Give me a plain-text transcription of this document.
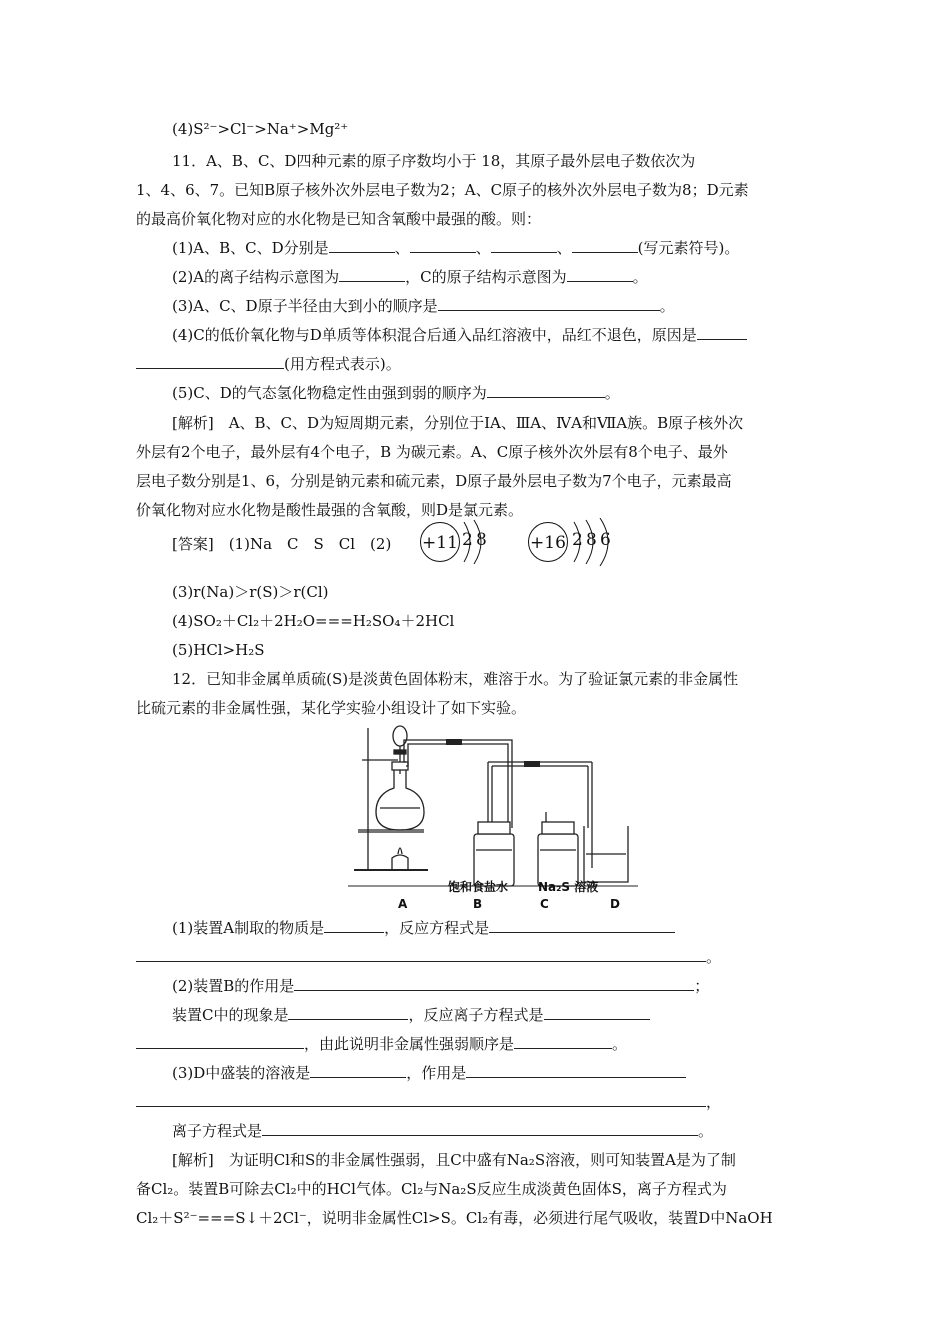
(4)S²⁻>Cl⁻>Na⁺>Mg²⁺
11．A、B、C、D四种元素的原子序数均小于 18，其原子最外层电子数依次为
1、4、6、7。已知B原子核外次外层电子数为2；A、C原子的核外次外层电子数为8；D元素
的最高价氧化物对应的水化物是已知含氧酸中最强的酸。则：
(1)A、B、C、D分别是	、	、	、	(写元素符号)。
(2)A的离子结构示意图为	，C的原子结构示意图为	。
(3)A、C、D原子半径由大到小的顺序是	。
(4)C的低价氧化物与D单质等体积混合后通入品红溶液中，品红不退色，原因是
(用方程式表示)。
(5)C、D的气态氢化物稳定性由强到弱的顺序为	。
[解析]　A、B、C、D为短周期元素，分别位于ⅠA、ⅢA、ⅣA和ⅦA族。B原子核外次
外层有2个电子，最外层有4个电子，B 为碳元素。A、C原子核外次外层有8个电子、最外
层电子数分别是1、6，分别是钠元素和硫元素，D原子最外层电子数为7个电子，元素最高
价氧化物对应水化物是酸性最强的含氧酸，则D是氯元素。
[答案]　(1)Na　C　S　Cl　(2) +11 2 8	+16 2 8 6
(3)r(Na)＞r(S)＞r(Cl)
(4)SO₂＋Cl₂＋2H₂O===H₂SO₄＋2HCl
(5)HCl>H₂S
12．已知非金属单质硫(S)是淡黄色固体粉末，难溶于水。为了验证氯元素的非金属性
比硫元素的非金属性强，某化学实验小组设计了如下实验。
饱和食盐水 Na₂S 溶液
A	B	C	D
(1)装置A制取的物质是	，反应方程式是
。
(2)装置B的作用是	；
装置C中的现象是	，反应离子方程式是
，由此说明非金属性强弱顺序是	。
(3)D中盛装的溶液是	，作用是
，
离子方程式是	。
[解析]　为证明Cl和S的非金属性强弱，且C中盛有Na₂S溶液，则可知装置A是为了制
备Cl₂。装置B可除去Cl₂中的HCl气体。Cl₂与Na₂S反应生成淡黄色固体S，离子方程式为
Cl₂＋S²⁻===S↓＋2Cl⁻，说明非金属性Cl>S。Cl₂有毒，必须进行尾气吸收，装置D中NaOH
